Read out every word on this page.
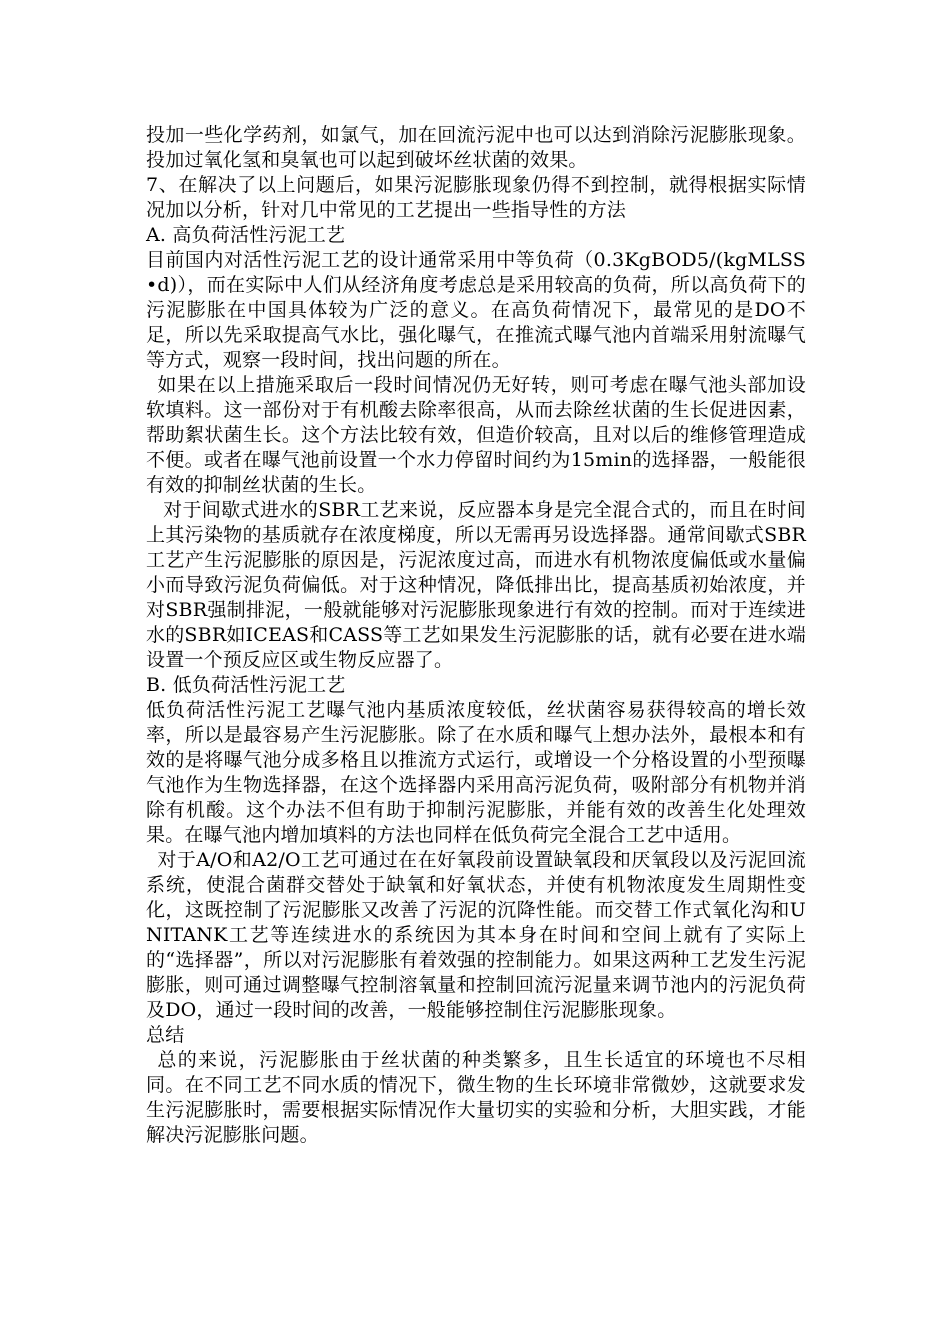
投加一些化学药剂，如氯气，加在回流污泥中也可以达到消除污泥膨胀现象。投加过氧化氢和臭氧也可以起到破坏丝状菌的效果。

7、在解决了以上问题后，如果污泥膨胀现象仍得不到控制，就得根据实际情况加以分析，针对几中常见的工艺提出一些指导性的方法

A. 高负荷活性污泥工艺

目前国内对活性污泥工艺的设计通常采用中等负荷（0.3KgBOD5/(kgMLSS•d)），而在实际中人们从经济角度考虑总是采用较高的负荷，所以高负荷下的污泥膨胀在中国具体较为广泛的意义。在高负荷情况下，最常见的是DO不足，所以先采取提高气水比，强化曝气，在推流式曝气池内首端采用射流曝气等方式，观察一段时间，找出问题的所在。

如果在以上措施采取后一段时间情况仍无好转，则可考虑在曝气池头部加设软填料。这一部份对于有机酸去除率很高，从而去除丝状菌的生长促进因素，帮助絮状菌生长。这个方法比较有效，但造价较高，且对以后的维修管理造成不便。或者在曝气池前设置一个水力停留时间约为15min的选择器，一般能很有效的抑制丝状菌的生长。

对于间歇式进水的SBR工艺来说，反应器本身是完全混合式的，而且在时间上其污染物的基质就存在浓度梯度，所以无需再另设选择器。通常间歇式SBR工艺产生污泥膨胀的原因是，污泥浓度过高，而进水有机物浓度偏低或水量偏小而导致污泥负荷偏低。对于这种情况，降低排出比，提高基质初始浓度，并对SBR强制排泥，一般就能够对污泥膨胀现象进行有效的控制。而对于连续进水的SBR如ICEAS和CASS等工艺如果发生污泥膨胀的话，就有必要在进水端设置一个预反应区或生物反应器了。

B. 低负荷活性污泥工艺

低负荷活性污泥工艺曝气池内基质浓度较低，丝状菌容易获得较高的增长效率，所以是最容易产生污泥膨胀。除了在水质和曝气上想办法外，最根本和有效的是将曝气池分成多格且以推流方式运行，或增设一个分格设置的小型预曝气池作为生物选择器，在这个选择器内采用高污泥负荷，吸附部分有机物并消除有机酸。这个办法不但有助于抑制污泥膨胀，并能有效的改善生化处理效果。在曝气池内增加填料的方法也同样在低负荷完全混合工艺中适用。

对于A/O和A2/O工艺可通过在在好氧段前设置缺氧段和厌氧段以及污泥回流系统，使混合菌群交替处于缺氧和好氧状态，并使有机物浓度发生周期性变化，这既控制了污泥膨胀又改善了污泥的沉降性能。而交替工作式氧化沟和UNITANK工艺等连续进水的系统因为其本身在时间和空间上就有了实际上的“选择器”，所以对污泥膨胀有着效强的控制能力。如果这两种工艺发生污泥膨胀，则可通过调整曝气控制溶氧量和控制回流污泥量来调节池内的污泥负荷及DO，通过一段时间的改善，一般能够控制住污泥膨胀现象。

总结

总的来说，污泥膨胀由于丝状菌的种类繁多，且生长适宜的环境也不尽相同。在不同工艺不同水质的情况下，微生物的生长环境非常微妙，这就要求发生污泥膨胀时，需要根据实际情况作大量切实的实验和分析，大胆实践，才能解决污泥膨胀问题。
